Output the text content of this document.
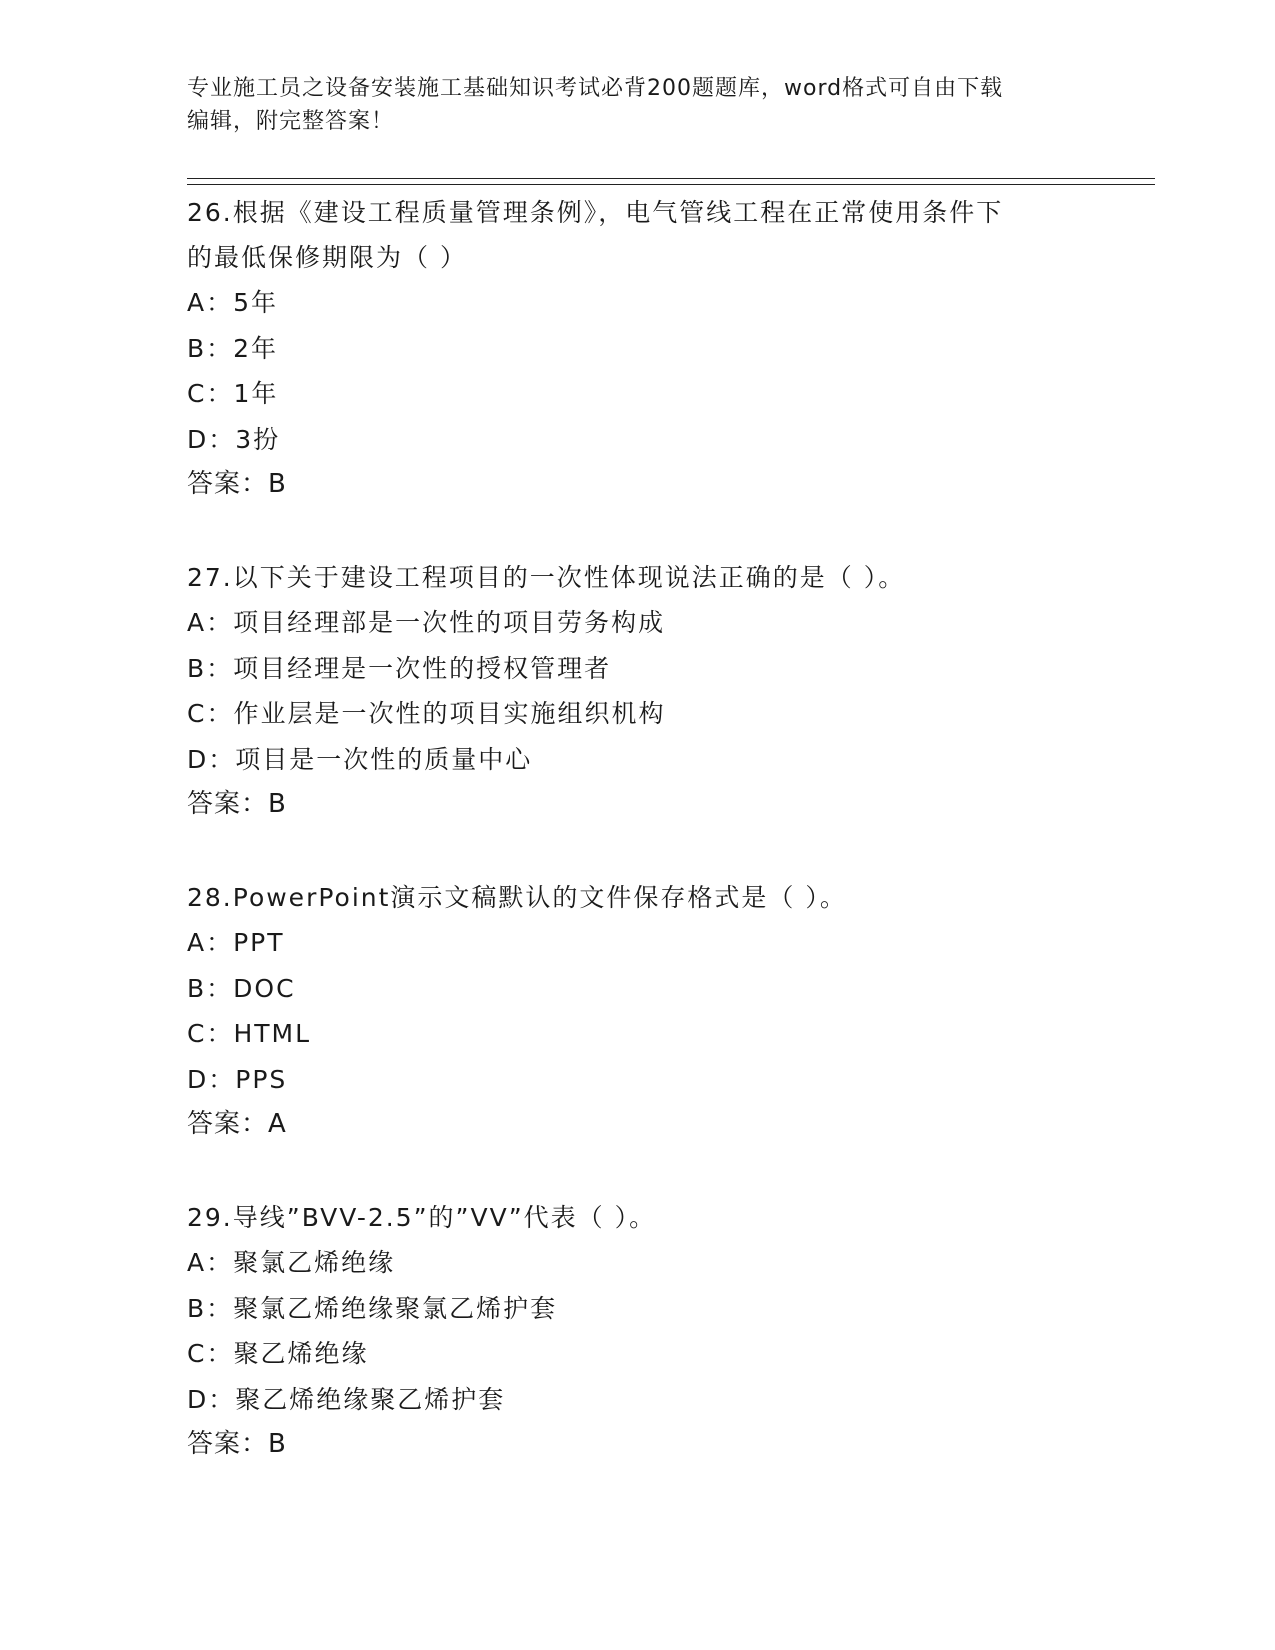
专业施工员之设备安装施工基础知识考试必背200题题库，word格式可自由下载
编辑，附完整答案！

26.根据《建设工程质量管理条例》，电气管线工程在正常使用条件下

的最低保修期限为（ ）

A：5年

B：2年

C：1年

D：3扮

答案：B

27.以下关于建设工程项目的一次性体现说法正确的是（ ）。

A：项目经理部是一次性的项目劳务构成

B：项目经理是一次性的授权管理者

C：作业层是一次性的项目实施组织机构

D：项目是一次性的质量中心

答案：B

28.PowerPoint演示文稿默认的文件保存格式是（ ）。

A：PPT

B：DOC

C：HTML

D：PPS

答案：A

29.导线”BVV-2.5”的”VV”代表（ ）。

A：聚氯乙烯绝缘

B：聚氯乙烯绝缘聚氯乙烯护套

C：聚乙烯绝缘

D：聚乙烯绝缘聚乙烯护套

答案：B
